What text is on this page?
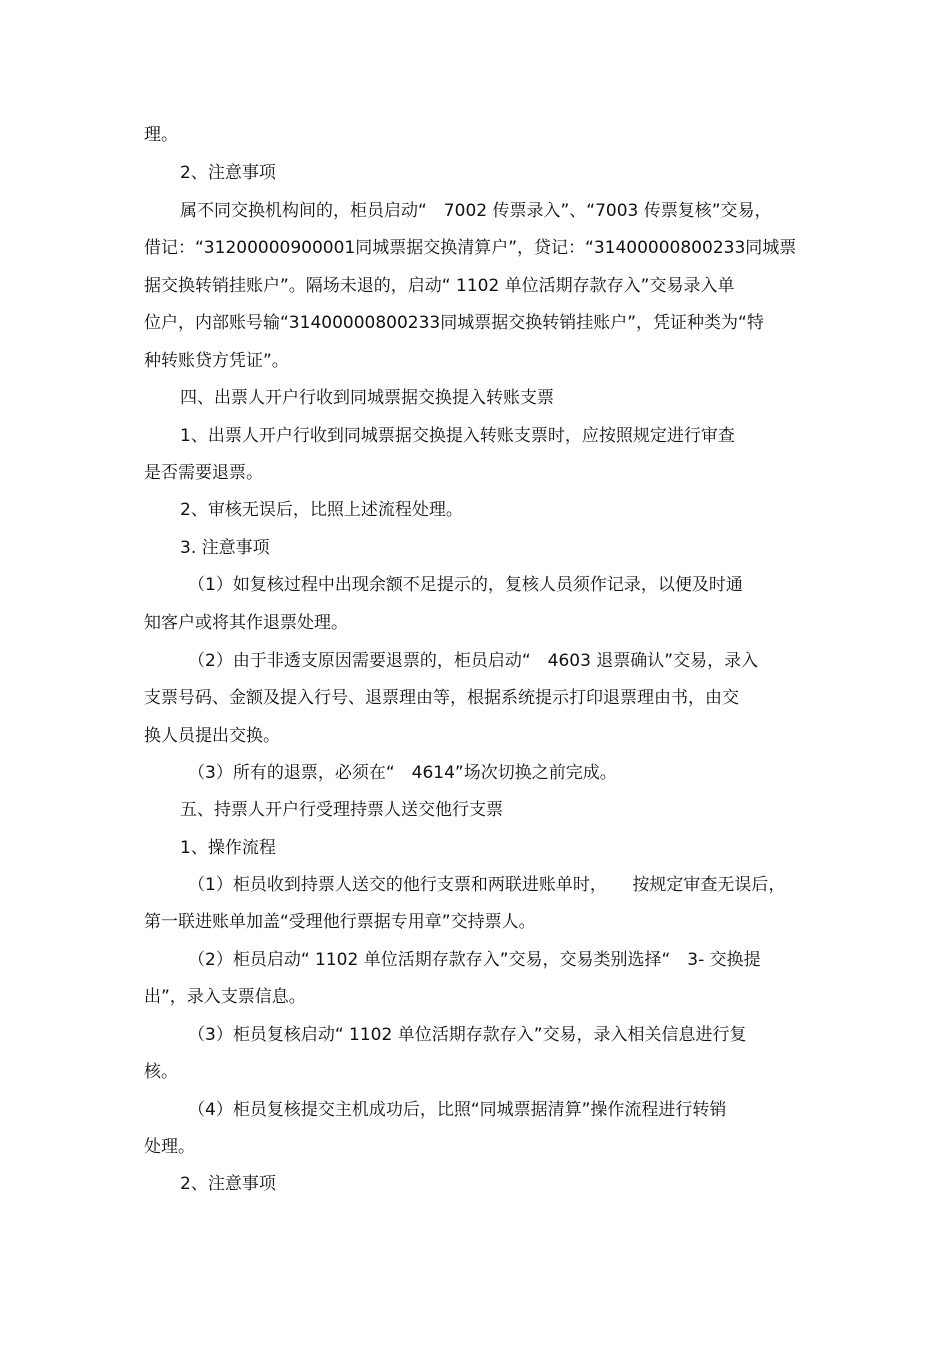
理。
2、注意事项
属不同交换机构间的，柜员启动“　7002 传票录入”、“7003 传票复核”交易，
借记：“31200000900001同城票据交换清算户”，贷记：“31400000800233同城票
据交换转销挂账户”。隔场未退的，启动“ 1102 单位活期存款存入”交易录入单
位户，内部账号输“31400000800233同城票据交换转销挂账户”，凭证种类为“特
种转账贷方凭证”。
四、出票人开户行收到同城票据交换提入转账支票
1、出票人开户行收到同城票据交换提入转账支票时，应按照规定进行审查
是否需要退票。
2、审核无误后，比照上述流程处理。
3. 注意事项
（1）如复核过程中出现余额不足提示的，复核人员须作记录，以便及时通
知客户或将其作退票处理。
（2）由于非透支原因需要退票的，柜员启动“　4603 退票确认”交易，录入
支票号码、金额及提入行号、退票理由等，根据系统提示打印退票理由书，由交
换人员提出交换。
（3）所有的退票，必须在“　4614”场次切换之前完成。
五、持票人开户行受理持票人送交他行支票
1、操作流程
（1）柜员收到持票人送交的他行支票和两联进账单时，　　按规定审查无误后，
第一联进账单加盖“受理他行票据专用章”交持票人。
（2）柜员启动“ 1102 单位活期存款存入”交易，交易类别选择“　3- 交换提
出”，录入支票信息。
（3）柜员复核启动“ 1102 单位活期存款存入”交易，录入相关信息进行复
核。
（4）柜员复核提交主机成功后，比照“同城票据清算”操作流程进行转销
处理。
2、注意事项
